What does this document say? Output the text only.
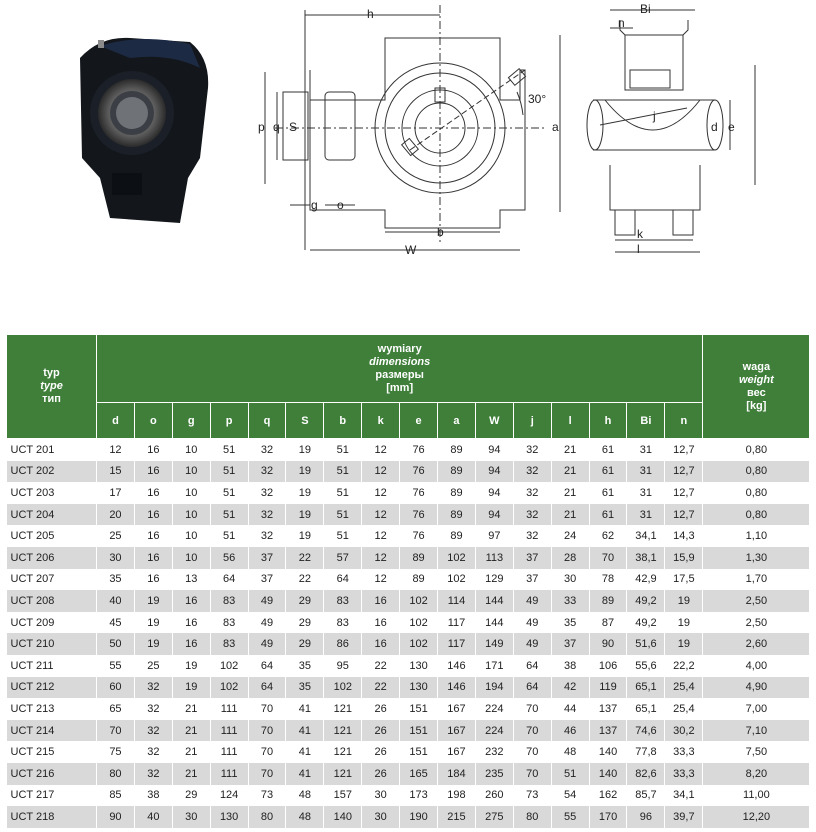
h
p q S	a
30°
g o
b
W
Bi
n
j
d e
k
l
typ
type
тип	wymiary
dimensions
размеры
[mm]																waga
weight
вес
[kg]

	d	o	g	p	q	S	b	k	e	a	W	j	l	h	Bi	n	
UCT 201	12	16	10	51	32	19	51	12	76	89	94	32	21	61	31	12,7	0,80
UCT 202	15	16	10	51	32	19	51	12	76	89	94	32	21	61	31	12,7	0,80
UCT 203	17	16	10	51	32	19	51	12	76	89	94	32	21	61	31	12,7	0,80
UCT 204	20	16	10	51	32	19	51	12	76	89	94	32	21	61	31	12,7	0,80
UCT 205	25	16	10	51	32	19	51	12	76	89	97	32	24	62	34,1	14,3	1,10
UCT 206	30	16	10	56	37	22	57	12	89	102	113	37	28	70	38,1	15,9	1,30
UCT 207	35	16	13	64	37	22	64	12	89	102	129	37	30	78	42,9	17,5	1,70
UCT 208	40	19	16	83	49	29	83	16	102	114	144	49	33	89	49,2	19	2,50
UCT 209	45	19	16	83	49	29	83	16	102	117	144	49	35	87	49,2	19	2,50
UCT 210	50	19	16	83	49	29	86	16	102	117	149	49	37	90	51,6	19	2,60
UCT 211	55	25	19	102	64	35	95	22	130	146	171	64	38	106	55,6	22,2	4,00
UCT 212	60	32	19	102	64	35	102	22	130	146	194	64	42	119	65,1	25,4	4,90
UCT 213	65	32	21	111	70	41	121	26	151	167	224	70	44	137	65,1	25,4	7,00
UCT 214	70	32	21	111	70	41	121	26	151	167	224	70	46	137	74,6	30,2	7,10
UCT 215	75	32	21	111	70	41	121	26	151	167	232	70	48	140	77,8	33,3	7,50
UCT 216	80	32	21	111	70	41	121	26	165	184	235	70	51	140	82,6	33,3	8,20
UCT 217	85	38	29	124	73	48	157	30	173	198	260	73	54	162	85,7	34,1	11,00
UCT 218	90	40	30	130	80	48	140	30	190	215	275	80	55	170	96	39,7	12,20
